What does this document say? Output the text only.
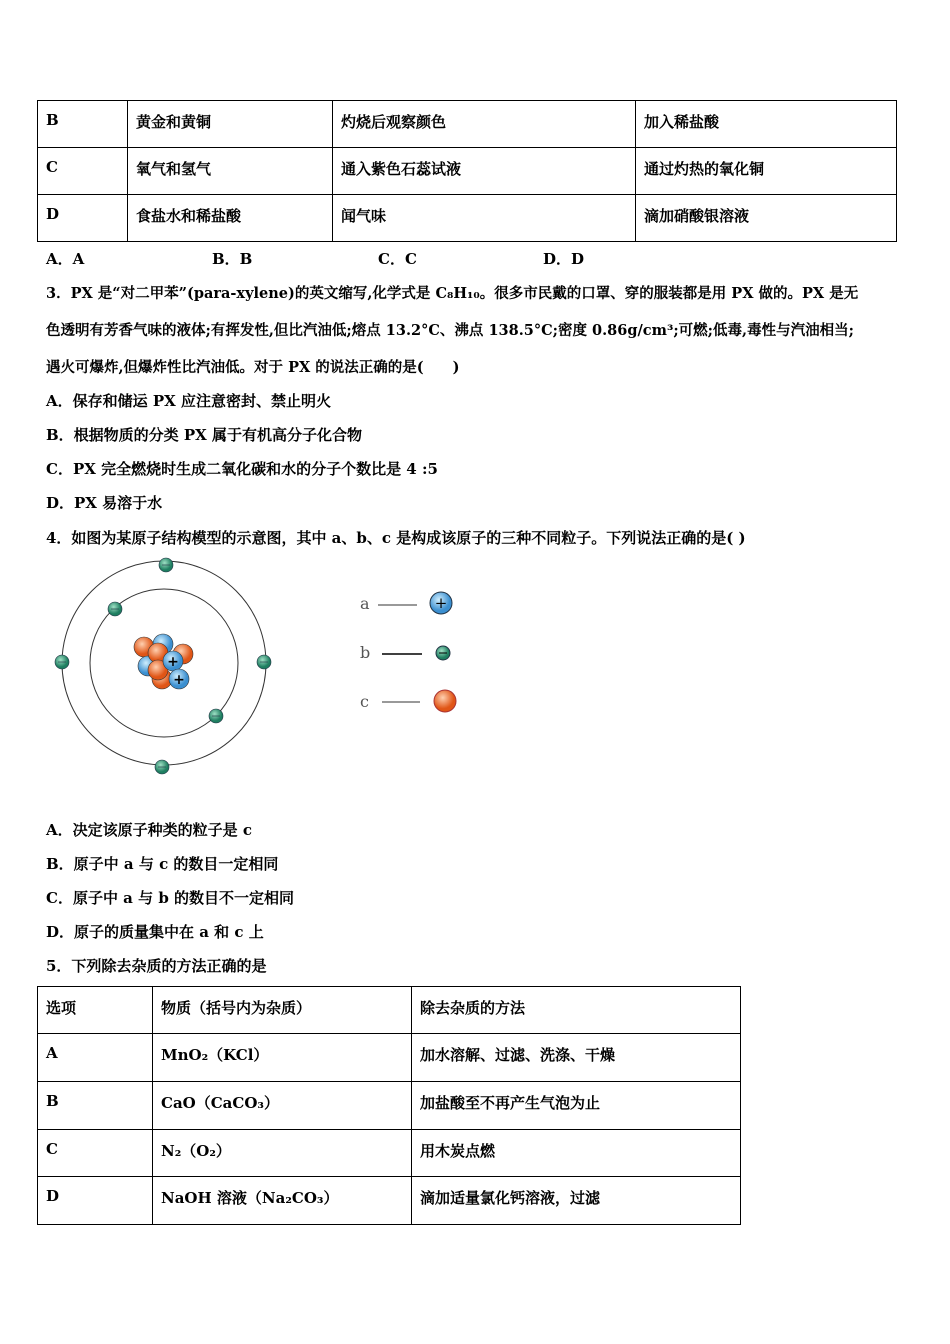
B	黄金和黄铜	灼烧后观察颜色	加入稀盐酸
C	氧气和氢气	通入紫色石蕊试液	通过灼热的氧化铜
D	食盐水和稀盐酸	闻气味	滴加硝酸银溶液
A．A	B．B	C．C	D．D
3．PX 是“对二甲苯”(para-xylene)的英文缩写,化学式是 C₈H₁₀。很多市民戴的口罩、穿的服装都是用 PX 做的。PX 是无
色透明有芳香气味的液体;有挥发性,但比汽油低;熔点 13.2°C、沸点 138.5°C;密度 0.86g/cm³;可燃;低毒,毒性与汽油相当;
遇火可爆炸,但爆炸性比汽油低。对于 PX 的说法正确的是(　　)
A．保存和储运 PX 应注意密封、禁止明火
B．根据物质的分类 PX 属于有机高分子化合物
C．PX 完全燃烧时生成二氧化碳和水的分子个数比是 4 :5
D．PX 易溶于水
4．如图为某原子结构模型的示意图，其中 a、b、c 是构成该原子的三种不同粒子。下列说法正确的是( )
+
+
a	+
b
c
A．决定该原子种类的粒子是 c
B．原子中 a 与 c 的数目一定相同
C．原子中 a 与 b 的数目不一定相同
D．原子的质量集中在 a 和 c 上
5．下列除去杂质的方法正确的是
选项	物质（括号内为杂质）	除去杂质的方法
A	MnO₂（KCl）	加水溶解、过滤、洗涤、干燥
B	CaO（CaCO₃）	加盐酸至不再产生气泡为止
C	N₂（O₂）	用木炭点燃
D	NaOH 溶液（Na₂CO₃）	滴加适量氯化钙溶液，过滤
